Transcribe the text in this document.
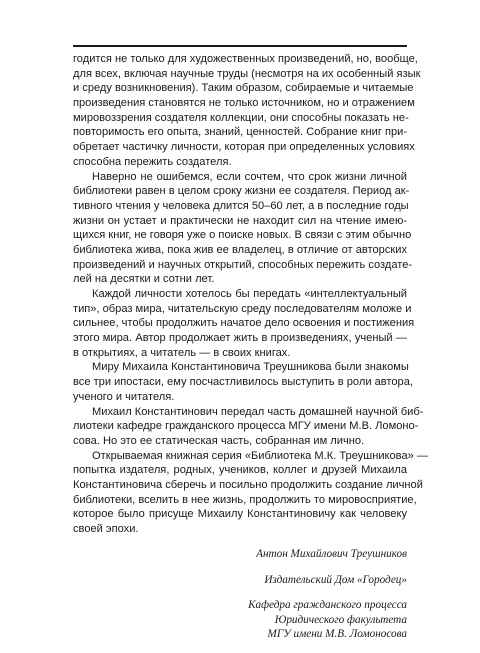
годится не только для художественных произведений, но, вообще,
для всех, включая научные труды (несмотря на их особенный язык
и среду возникновения). Таким образом, собираемые и читаемые
произведения становятся не только источником, но и отражением
мировоззрения создателя коллекции, они способны показать не-
повторимость его опыта, знаний, ценностей. Собрание книг при-
обретает частичку личности, которая при определенных условиях
способна пережить создателя.
Наверно не ошибемся, если сочтем, что срок жизни личной
библиотеки равен в целом сроку жизни ее создателя. Период ак-
тивного чтения у человека длится 50–60 лет, а в последние годы
жизни он устает и практически не находит сил на чтение имею-
щихся книг, не говоря уже о поиске новых. В связи с этим обычно
библиотека жива, пока жив ее владелец, в отличие от авторских
произведений и научных открытий, способных пережить создате-
лей на десятки и сотни лет.
Каждой личности хотелось бы передать «интеллектуальный
тип», образ мира, читательскую среду последователям моложе и
сильнее, чтобы продолжить начатое дело освоения и постижения
этого мира. Автор продолжает жить в произведениях, ученый —
в открытиях, а читатель — в своих книгах.
Миру Михаила Константиновича Треушникова были знакомы
все три ипостаси, ему посчастливилось выступить в роли автора,
ученого и читателя.
Михаил Константинович передал часть домашней научной биб-
лиотеки кафедре гражданского процесса МГУ имени М.В. Ломоно-
сова. Но это ее статическая часть, собранная им лично.
Открываемая книжная серия «Библиотека М.К. Треушникова» —
попытка издателя, родных, учеников, коллег и друзей Михаила
Константиновича сберечь и посильно продолжить создание личной
библиотеки, вселить в нее жизнь, продолжить то мировосприятие,
которое было присуще Михаилу Константиновичу как человеку
своей эпохи.
Антон Михайлович Треушников
Издательский Дом «Городец»
Кафедра гражданского процесса
Юридического факультета
МГУ имени М.В. Ломоносова
